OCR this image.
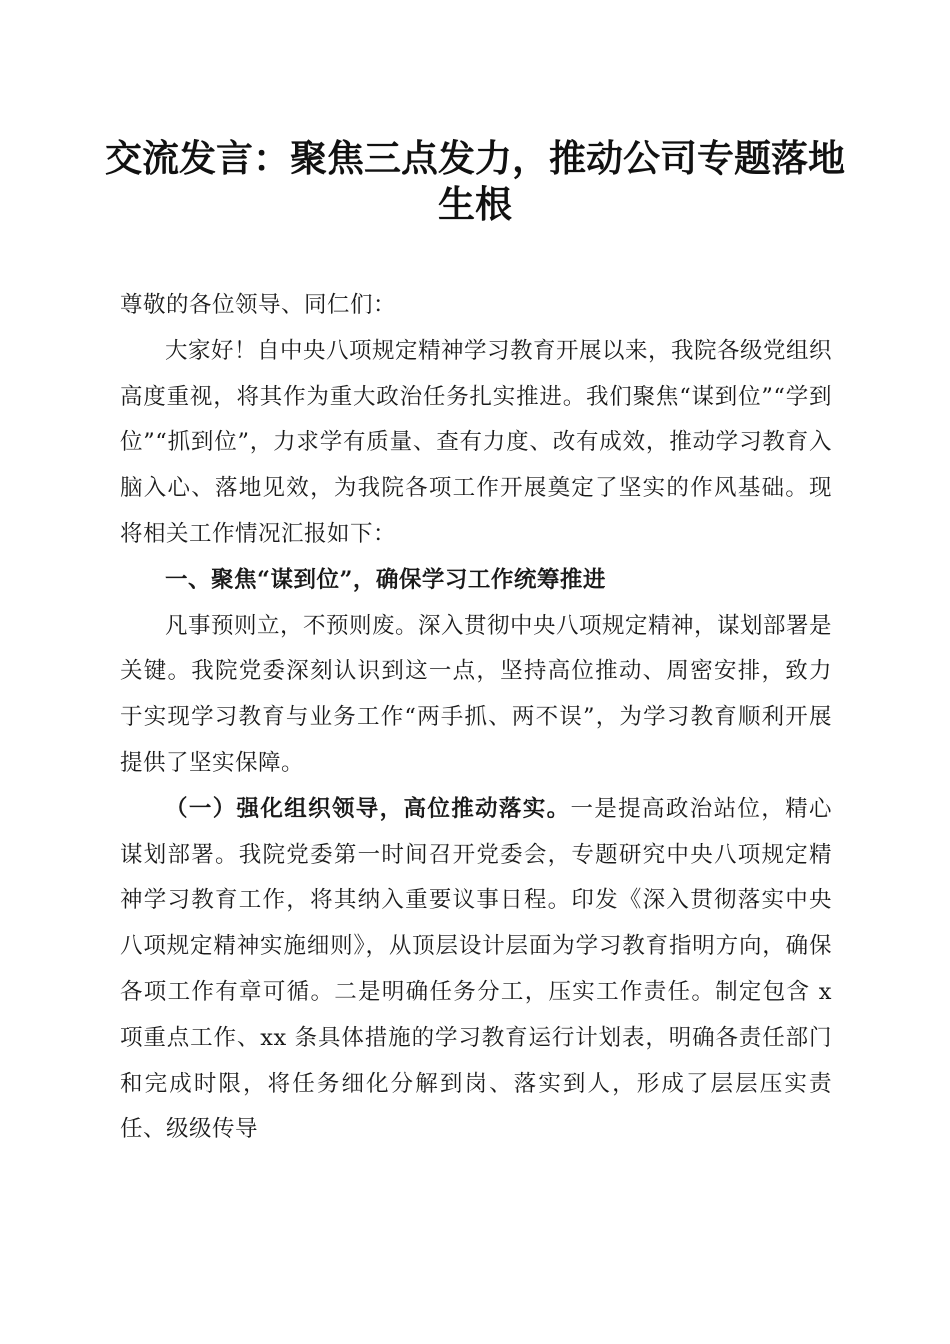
交流发言：聚焦三点发力，推动公司专题落地生根

尊敬的各位领导、同仁们：

大家好！自中央八项规定精神学习教育开展以来，我院各级党组织高度重视，将其作为重大政治任务扎实推进。我们聚焦“谋到位”“学到位”“抓到位”，力求学有质量、查有力度、改有成效，推动学习教育入脑入心、落地见效，为我院各项工作开展奠定了坚实的作风基础。现将相关工作情况汇报如下：

一、聚焦“谋到位”，确保学习工作统筹推进

凡事预则立，不预则废。深入贯彻中央八项规定精神，谋划部署是关键。我院党委深刻认识到这一点，坚持高位推动、周密安排，致力于实现学习教育与业务工作“两手抓、两不误”，为学习教育顺利开展提供了坚实保障。

（一）强化组织领导，高位推动落实。一是提高政治站位，精心谋划部署。我院党委第一时间召开党委会，专题研究中央八项规定精神学习教育工作，将其纳入重要议事日程。印发《深入贯彻落实中央八项规定精神实施细则》，从顶层设计层面为学习教育指明方向，确保各项工作有章可循。二是明确任务分工，压实工作责任。制定包含 x 项重点工作、xx 条具体措施的学习教育运行计划表，明确各责任部门和完成时限，将任务细化分解到岗、落实到人，形成了层层压实责任、级级传导
